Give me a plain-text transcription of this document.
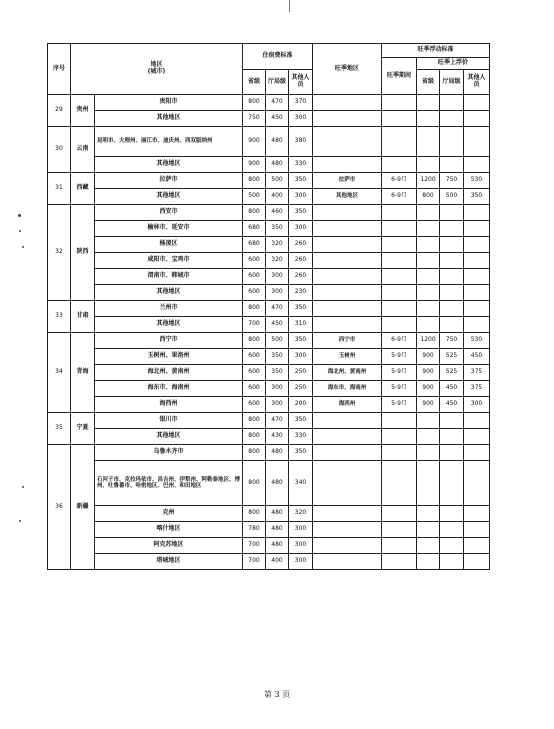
序号	地区
(城市)		住宿费标准			旺季地区	旺季浮动标准			
							旺季期间	旺季上浮价		
			省级	厅局级	其他人员			省级	厅局级	其他人员
29	贵州	贵阳市	800	470	370					
		其他地区	750	450	300					
30	云南	昆明市、大理州、丽江市、迪庆州、西双版纳州	900	480	380					
		其他地区	900	480	330					
31	西藏	拉萨市	800	500	350	拉萨市	6-9月	1200	750	530
		其他地区	500	400	300	其他地区	6-9月	800	500	350
32	陕西	西安市	800	460	350					
		榆林市、延安市	680	350	300					
		杨凌区	680	320	260					
		咸阳市、宝鸡市	600	320	260					
		渭南市、韩城市	600	300	260					
		其他地区	600	300	230					
33	甘肃	兰州市	800	470	350					
		其他地区	700	450	310					
34	青海	西宁市	800	500	350	西宁市	6-9月	1200	750	530
		玉树州、果洛州	600	350	300	玉树州	5-9月	900	525	450
		海北州、黄南州	600	350	250	海北州、黄南州	5-9月	900	525	375
		海东市、海南州	600	300	250	海东市、海南州	5-9月	900	450	375
		海西州	600	300	200	海西州	5-9月	900	450	300
35	宁夏	银川市	800	470	350					
		其他地区	800	430	330					
36	新疆	乌鲁木齐市	800	480	350					
		石河子市、克拉玛依市、昌吉州、伊犁州、阿勒泰地区、博州、吐鲁番市、哈密地区、巴州、和田地区	800	480	340					
		克州	800	480	320					
		喀什地区	780	480	300					
		阿克苏地区	700	480	300					
		塔城地区	700	400	300					
第 3 页
